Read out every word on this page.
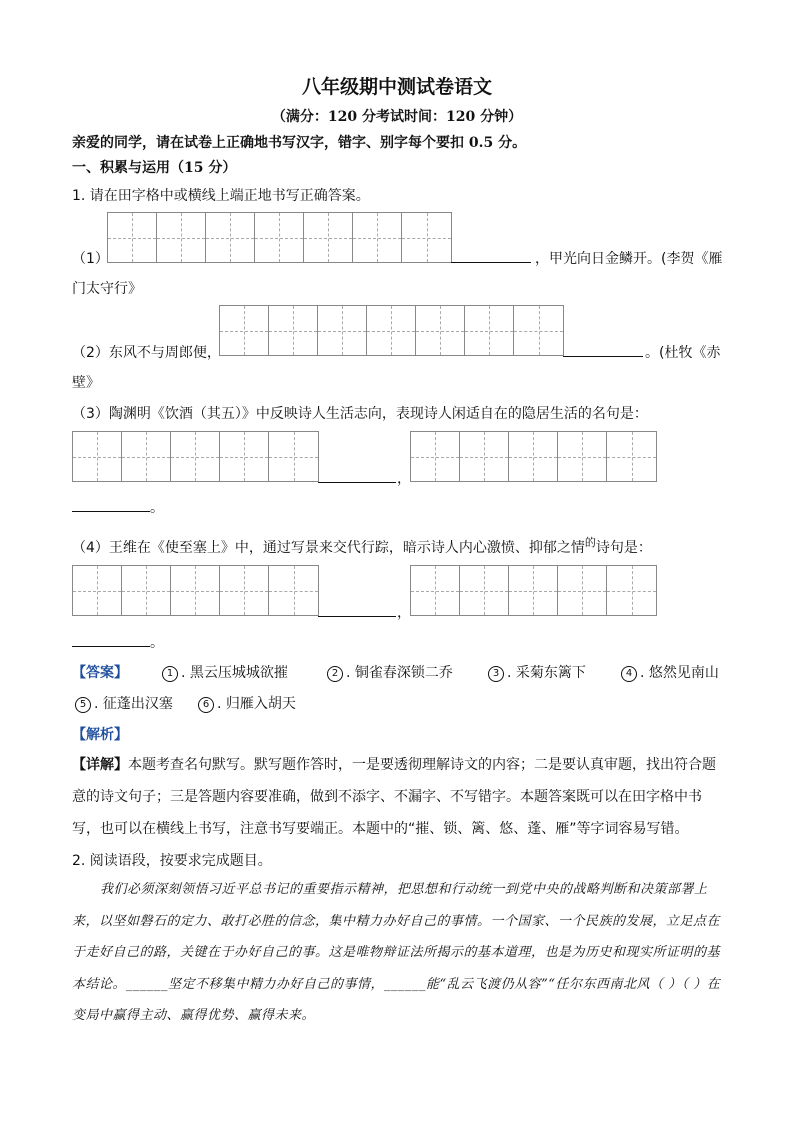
八年级期中测试卷语文
（满分：120 分考试时间：120 分钟）
亲爱的同学，请在试卷上正确地书写汉字，错字、别字每个要扣 0.5 分。
一、积累与运用（15 分）
1. 请在田字格中或横线上端正地书写正确答案。
（1）	，甲光向日金鳞开。(李贺《雁
门太守行》
（2）东风不与周郎便，	。(杜牧《赤
壁》
（3）陶渊明《饮酒（其五）》中反映诗人生活志向，表现诗人闲适自在的隐居生活的名句是：
，
。
（4）王维在《使至塞上》中，通过写景来交代行踪，暗示诗人内心激愤、抑郁之情$^的$诗句是：
，
。
【答案】	1 . 黑云压城城欲摧	2 . 铜雀春深锁二乔	3 . 采菊东篱下	4 . 悠然见南山
5 . 征蓬出汉塞	6 . 归雁入胡天
【解析】
【详解】本题考查名句默写。默写题作答时，一是要透彻理解诗文的内容；二是要认真审题，找出符合题意的诗文句子；三是答题内容要准确，做到不添字、不漏字、不写错字。本题答案既可以在田字格中书写，也可以在横线上书写，注意书写要端正。本题中的“摧、锁、篱、悠、蓬、雁”等字词容易写错。
2. 阅读语段，按要求完成题目。
我们必须深刻领悟习近平总书记的重要指示精神，把思想和行动统一到党中央的战略判断和决策部署上来，以坚如磐石的定力、敢打必胜的信念，集中精力办好自己的事情。一个国家、一个民族的发展，立足点在于走好自己的路，关键在于办好自己的事。这是唯物辩证法所揭示的基本道理，也是为历史和现实所证明的基本结论。______坚定不移集中精力办好自己的事情，______能“乱云飞渡仍从容”“任尔东西南北风（ ）（ ）在变局中赢得主动、赢得优势、赢得未来。
